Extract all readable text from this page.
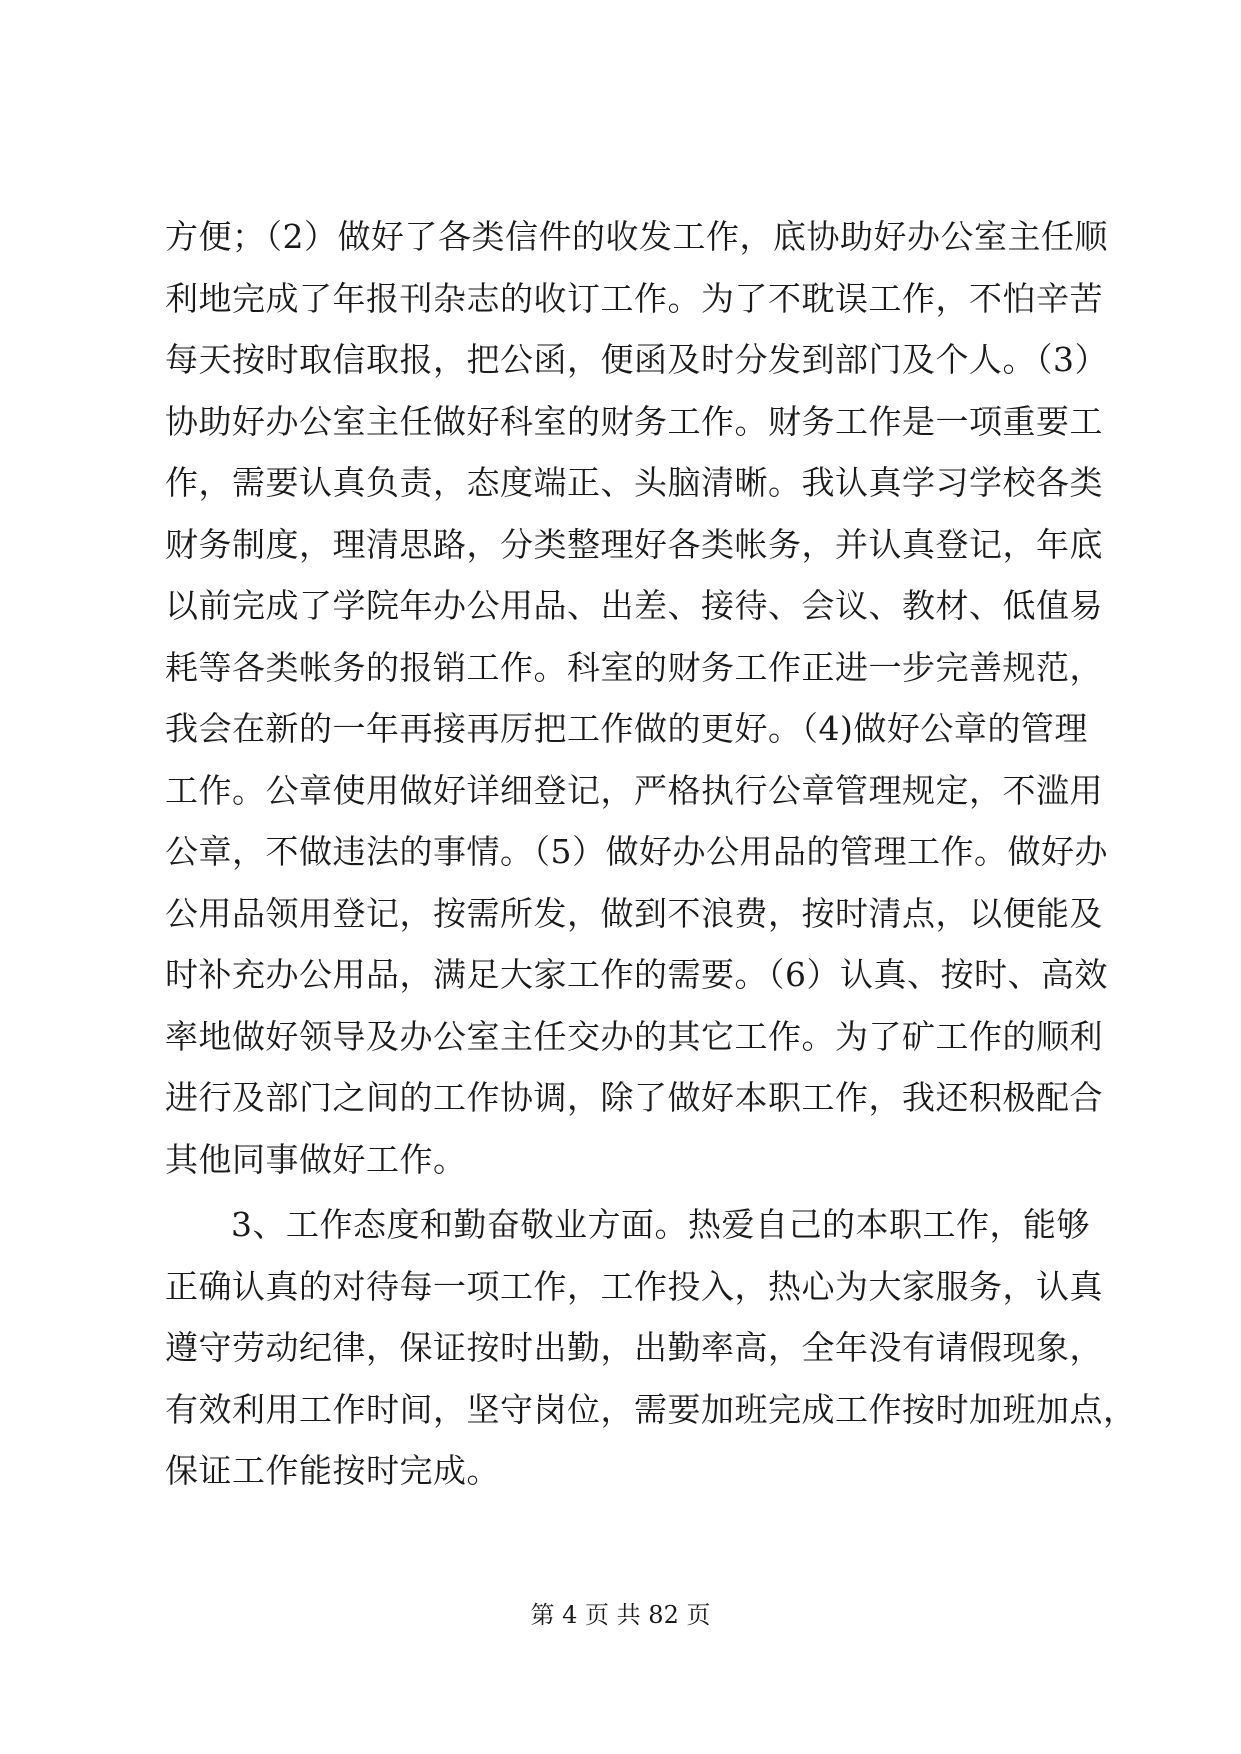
方便；（2）做好了各类信件的收发工作，底协助好办公室主任顺
利地完成了年报刊杂志的收订工作。为了不耽误工作，不怕辛苦
每天按时取信取报，把公函，便函及时分发到部门及个人。（3）
协助好办公室主任做好科室的财务工作。财务工作是一项重要工
作，需要认真负责，态度端正、头脑清晰。我认真学习学校各类
财务制度，理清思路，分类整理好各类帐务，并认真登记，年底
以前完成了学院年办公用品、出差、接待、会议、教材、低值易
耗等各类帐务的报销工作。科室的财务工作正进一步完善规范，
我会在新的一年再接再厉把工作做的更好。（4)做好公章的管理
工作。公章使用做好详细登记，严格执行公章管理规定，不滥用
公章，不做违法的事情。（5）做好办公用品的管理工作。做好办
公用品领用登记，按需所发，做到不浪费，按时清点，以便能及
时补充办公用品，满足大家工作的需要。（6）认真、按时、高效
率地做好领导及办公室主任交办的其它工作。为了矿工作的顺利
进行及部门之间的工作协调，除了做好本职工作，我还积极配合
其他同事做好工作。
3、工作态度和勤奋敬业方面。热爱自己的本职工作，能够
正确认真的对待每一项工作，工作投入，热心为大家服务，认真
遵守劳动纪律，保证按时出勤，出勤率高，全年没有请假现象，
有效利用工作时间，坚守岗位，需要加班完成工作按时加班加点，
保证工作能按时完成。
第 4 页 共 82 页
